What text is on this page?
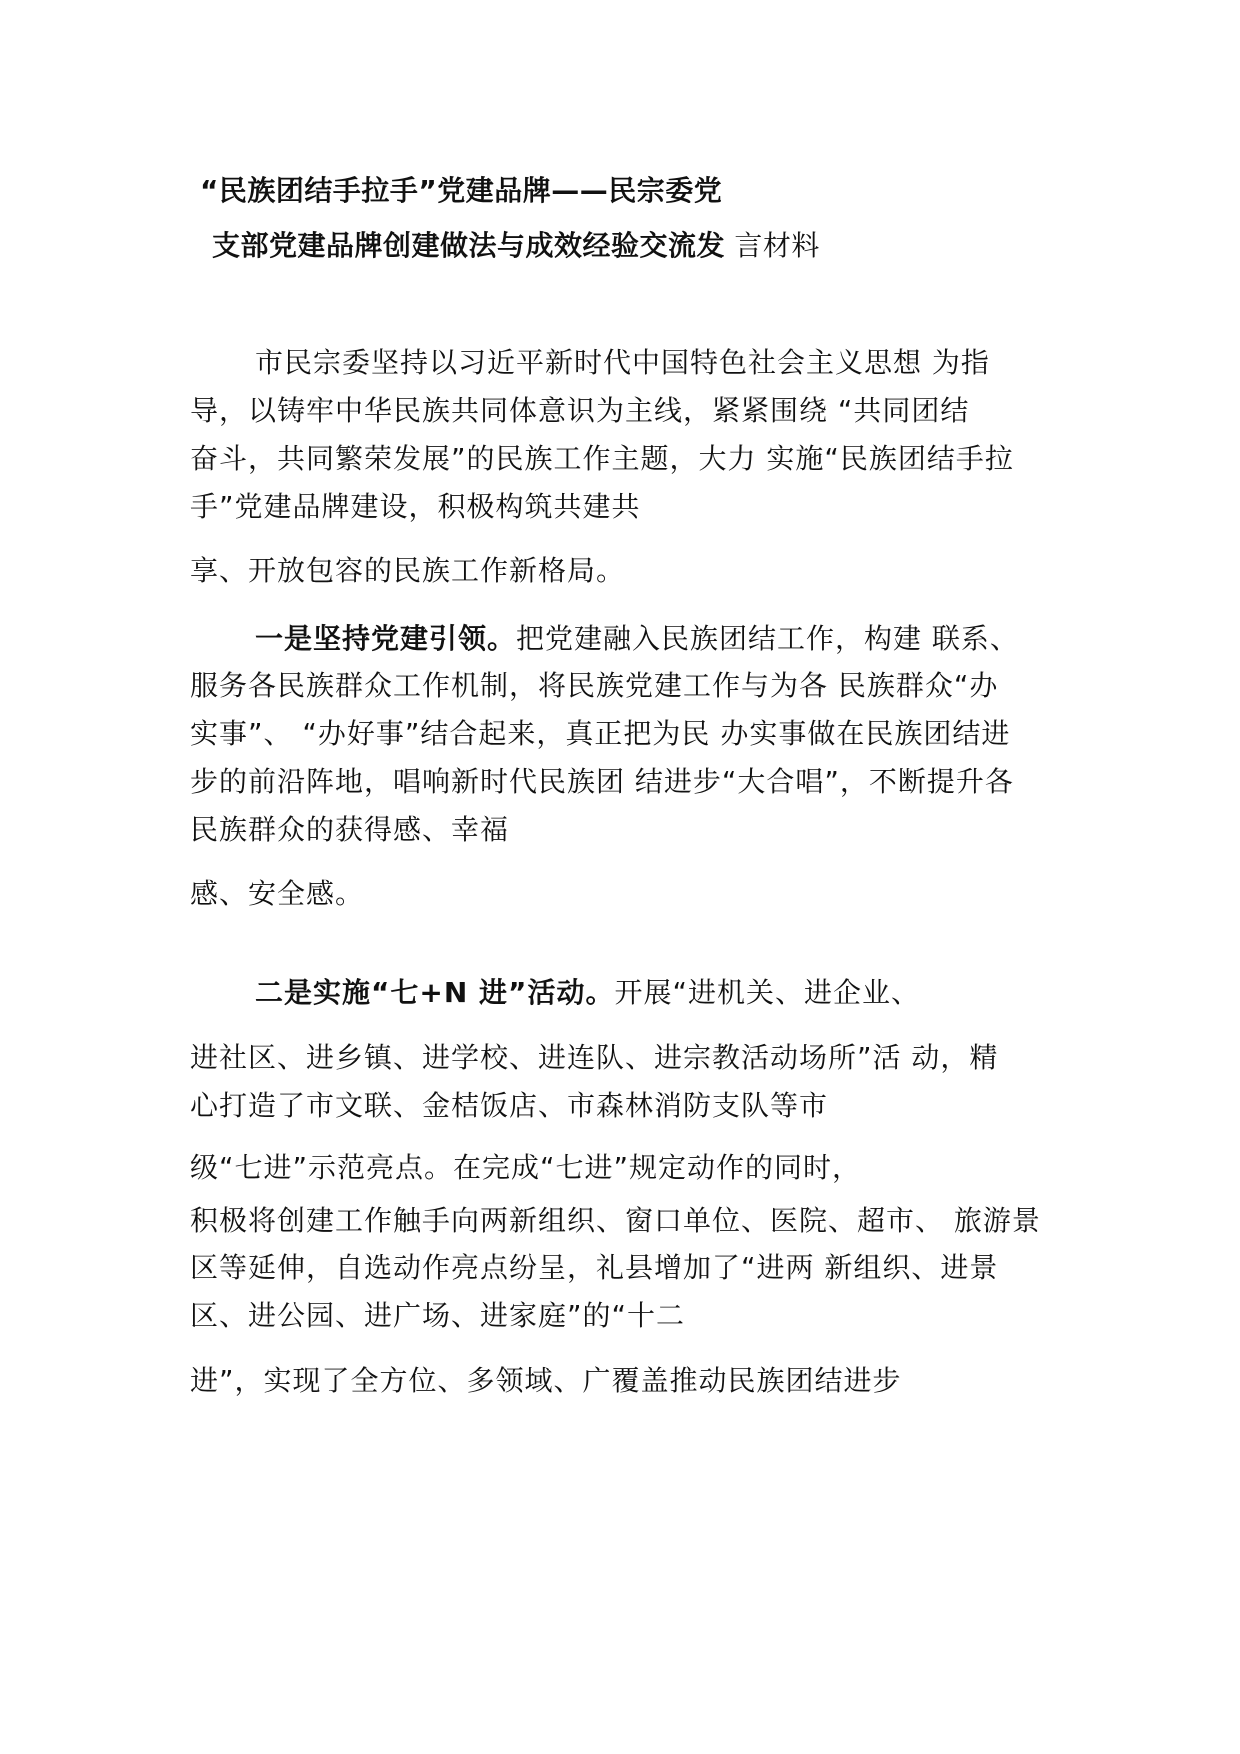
“民族团结手拉手”党建品牌——民宗委党
支部党建品牌创建做法与成效经验交流发 言材料
市民宗委坚持以习近平新时代中国特色社会主义思想 为指
导，以铸牢中华民族共同体意识为主线，紧紧围绕 “共同团结
奋斗，共同繁荣发展”的民族工作主题，大力 实施“民族团结手拉
手”党建品牌建设，积极构筑共建共
享、开放包容的民族工作新格局。
一是坚持党建引领。把党建融入民族团结工作，构建 联系、
服务各民族群众工作机制，将民族党建工作与为各 民族群众“办
实事”、 “办好事”结合起来，真正把为民 办实事做在民族团结进
步的前沿阵地，唱响新时代民族团 结进步“大合唱”，不断提升各
民族群众的获得感、幸福
感、安全感。
二是实施“七+N 进”活动。开展“进机关、进企业、
进社区、进乡镇、进学校、进连队、进宗教活动场所”活 动，精
心打造了市文联、金桔饭店、市森林消防支队等市
级“七进”示范亮点。在完成“七进”规定动作的同时，
积极将创建工作触手向两新组织、窗口单位、医院、超市、 旅游景
区等延伸，自选动作亮点纷呈，礼县增加了“进两 新组织、进景
区、进公园、进广场、进家庭”的“十二
进”，实现了全方位、多领域、广覆盖推动民族团结进步
